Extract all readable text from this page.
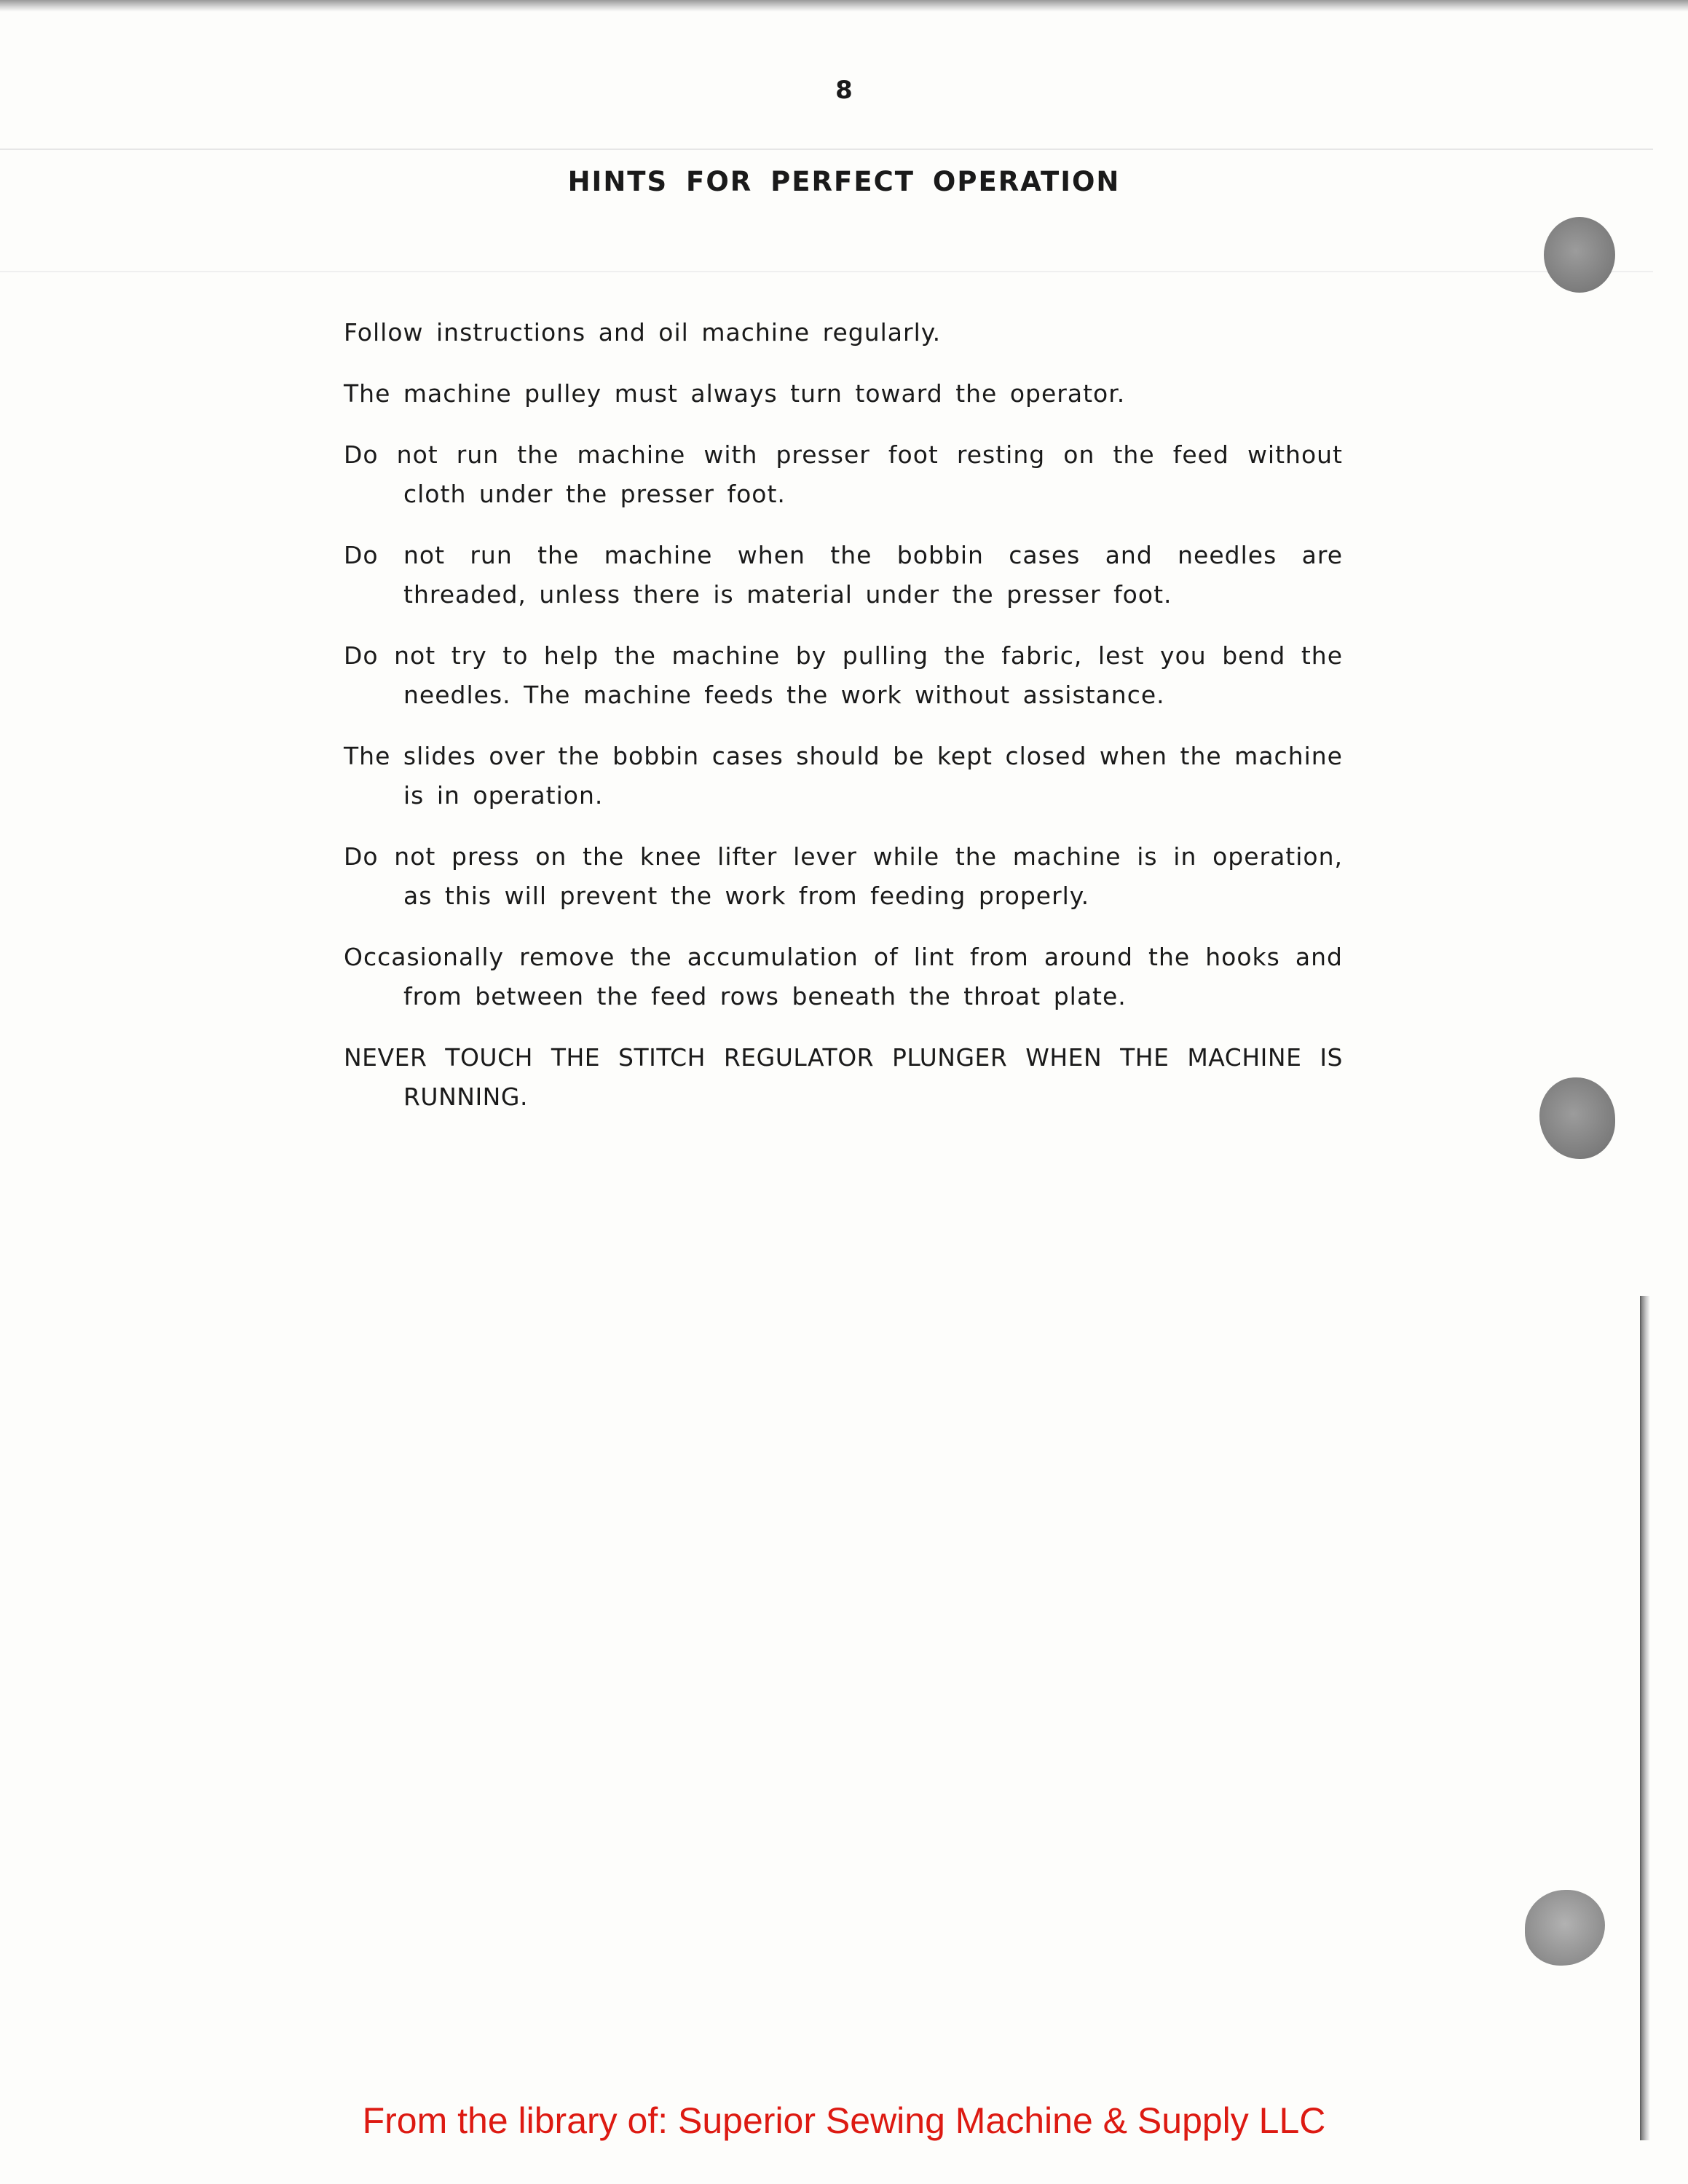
8
HINTS FOR PERFECT OPERATION
Follow instructions and oil machine regularly.
The machine pulley must always turn toward the operator.
Do not run the machine with presser foot resting on the feed without cloth under the presser foot.
Do not run the machine when the bobbin cases and needles are threaded, unless there is material under the presser foot.
Do not try to help the machine by pulling the fabric, lest you bend the needles. The machine feeds the work without assistance.
The slides over the bobbin cases should be kept closed when the machine is in operation.
Do not press on the knee lifter lever while the machine is in operation, as this will prevent the work from feeding properly.
Occasionally remove the accumulation of lint from around the hooks and from between the feed rows beneath the throat plate.
NEVER TOUCH THE STITCH REGULATOR PLUNGER WHEN THE MACHINE IS RUNNING.
From the library of: Superior Sewing Machine & Supply LLC
